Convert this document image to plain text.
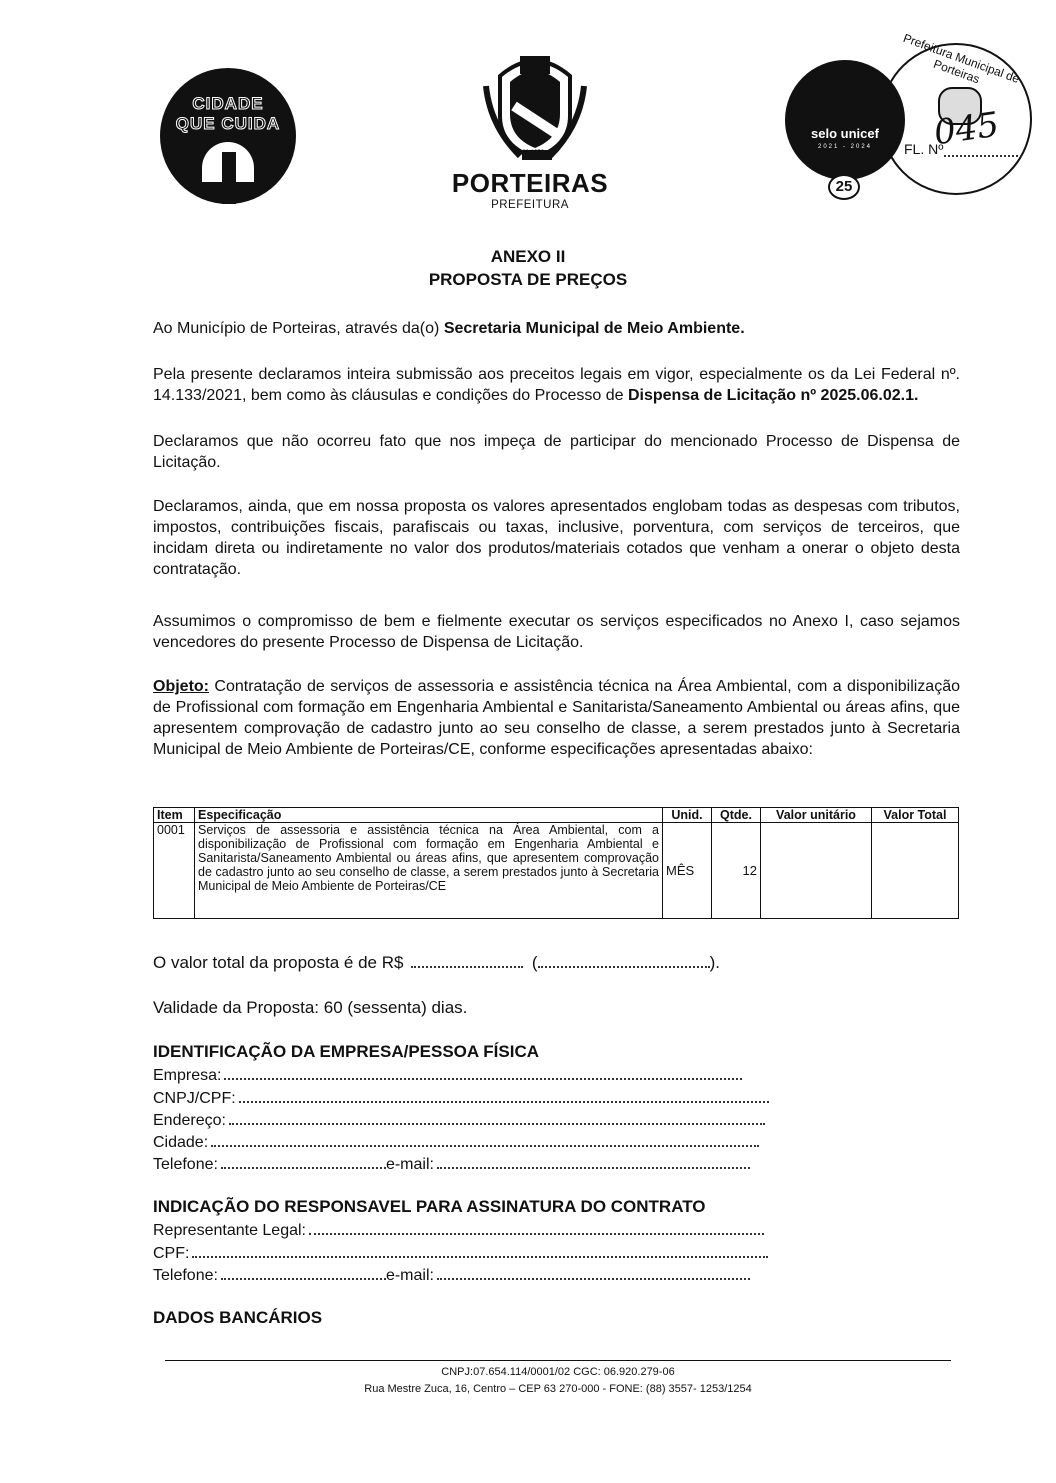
CIDADE
QUE CUIDA
20.02.1959
PORTEIRAS
PREFEITURA
selo unicef
2021 - 2024
25
Prefeitura Municipal de Porteiras
FL. Nº
045
ANEXO II
PROPOSTA DE PREÇOS
Ao Município de Porteiras, através da(o) Secretaria Municipal de Meio Ambiente.
Pela presente declaramos inteira submissão aos preceitos legais em vigor, especialmente os da Lei Federal nº. 14.133/2021, bem como às cláusulas e condições do Processo de Dispensa de Licitação nº 2025.06.02.1.
Declaramos que não ocorreu fato que nos impeça de participar do mencionado Processo de Dispensa de Licitação.
Declaramos, ainda, que em nossa proposta os valores apresentados englobam todas as despesas com tributos, impostos, contribuições fiscais, parafiscais ou taxas, inclusive, porventura, com serviços de terceiros, que incidam direta ou indiretamente no valor dos produtos/materiais cotados que venham a onerar o objeto desta contratação.
Assumimos o compromisso de bem e fielmente executar os serviços especificados no Anexo I, caso sejamos vencedores do presente Processo de Dispensa de Licitação.
Objeto: Contratação de serviços de assessoria e assistência técnica na Área Ambiental, com a disponibilização de Profissional com formação em Engenharia Ambiental e Sanitarista/Saneamento Ambiental ou áreas afins, que apresentem comprovação de cadastro junto ao seu conselho de classe, a serem prestados junto à Secretaria Municipal de Meio Ambiente de Porteiras/CE, conforme especificações apresentadas abaixo:
Item	Especificação	Unid.	Qtde.	Valor unitário	Valor Total
0001	Serviços de assessoria e assistência técnica na Área Ambiental, com a disponibilização de Profissional com formação em Engenharia Ambiental e Sanitarista/Saneamento Ambiental ou áreas afins, que apresentem comprovação de cadastro junto ao seu conselho de classe, a serem prestados junto à Secretaria Municipal de Meio Ambiente de Porteiras/CE	MÊS	12		
O valor total da proposta é de R$	(	).
Validade da Proposta: 60 (sessenta) dias.
IDENTIFICAÇÃO DA EMPRESA/PESSOA FÍSICA
Empresa:
CNPJ/CPF:
Endereço:
Cidade:
Telefone:	e-mail:
INDICAÇÃO DO RESPONSAVEL PARA ASSINATURA DO CONTRATO
Representante Legal:
CPF:
Telefone:	e-mail:
DADOS BANCÁRIOS
CNPJ:07.654.114/0001/02 CGC: 06.920.279-06
Rua Mestre Zuca, 16, Centro – CEP 63 270-000 - FONE: (88) 3557- 1253/1254
